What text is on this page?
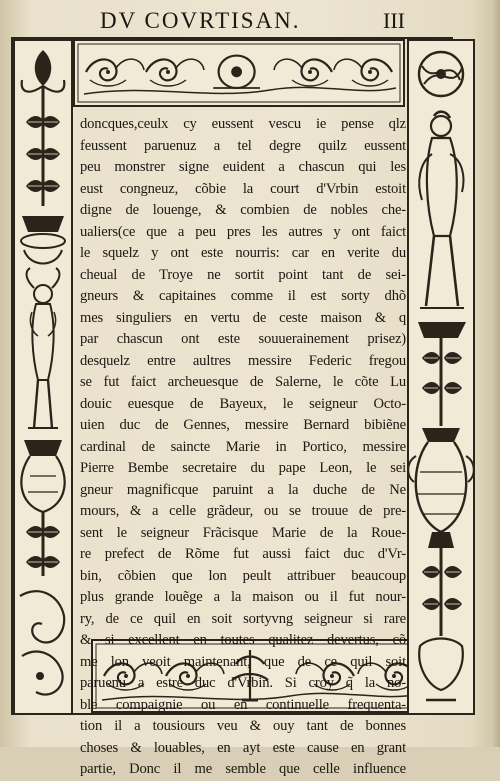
DV COVRTISAN.	III
doncques,ceulx cy eussent vescu ie pense qlz
feussent paruenuz a tel degre quilz eussent
peu monstrer signe euident a chascun qui les
eust congneuz, cõbie la court d'Vrbin estoit
digne de louenge, & combien de nobles che-
ualiers(ce que a peu pres les autres y ont faict
le squelz y ont este nourris: car en verite du
cheual de Troye ne sortit point tant de sei-
gneurs & capitaines comme il est sorty dhõ
mes singuliers en vertu de ceste maison & q
par chascun ont este souuerainement prisez)
desquelz entre aultres messire Federic fregou
se fut faict archeuesque de Salerne, le cõte Lu
douic euesque de Bayeux, le seigneur Octo-
uien duc de Gennes, messire Bernard bibiẽne
cardinal de saincte Marie in Portico, messire
Pierre Bembe secretaire du pape Leon, le sei
gneur magnificque paruint a la duche de Ne
mours, & a celle grãdeur, ou se trouue de pre-
sent le seigneur Frãcisque Marie de la Roue-
re prefect de Rõme fut aussi faict duc d'Vr-
bin, cõbien que lon peult attribuer beaucoup
plus grande louẽge a la maison ou il fut nour-
ry, de ce quil en soit sortyvng seigneur si rare
& si excellent en toutes qualitez devertus, cõ
me lon veoit maintenant, que de ce quil soit
paruenu a estre duc d'Vrbin. Si croy q̃ la no-
ble compaignie ou en continuelle frequenta-
tion il a tousiours veu & ouy tant de bonnes
choses & louables, en ayt este cause en grant
partie, Donc il me semble que celle influence
